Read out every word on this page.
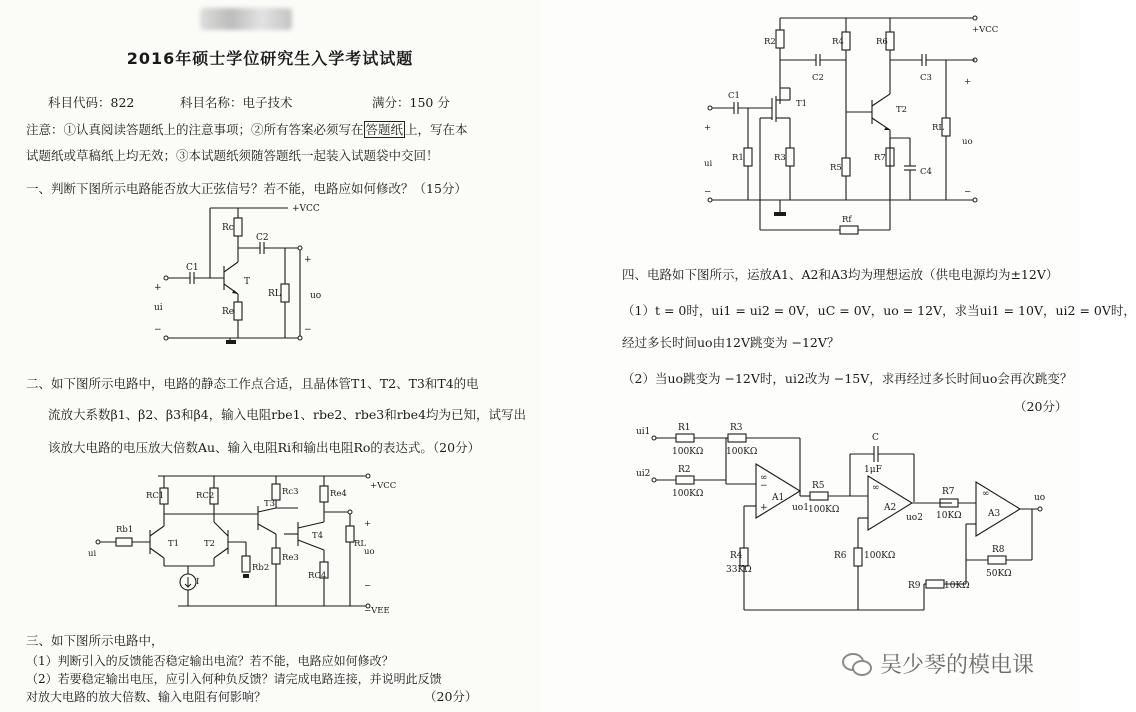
2016年硕士学位研究生入学考试试题
科目代码：822	科目名称：电子技术	满分：150 分
注意：①认真阅读答题纸上的注意事项；②所有答案必须写在 答题纸 上，写在本
试题纸或草稿纸上均无效；③本试题纸须随答题纸一起装入试题袋中交回！
一、判断下图所示电路能否放大正弦信号？若不能，电路应如何修改？（15分）
+VCC
Rc
C1
C2
T
Re
RL
+
ui
−
+
uo
−
二、如下图所示电路中，电路的静态工作点合适，且晶体管T1、T2、T3和T4的电
流放大系数β1、β2、β3和β4，输入电阻rbe1、rbe2、rbe3和rbe4均为已知，试写出
该放大电路的电压放大倍数Au、输入电阻Ri和输出电阻Ro的表达式。（20分）
RC1	RC2	Rc3	Re4
+VCC
Rb1
ui
T1	T2
T3
T4
Rb2
Re3
RL
RC4
uo
+
−
I
−VEE
三、如下图所示电路中，
（1）判断引入的反馈能否稳定输出电流？若不能，电路应如何修改？
（2）若要稳定输出电压，应引入何种负反馈？请完成电路连接，并说明此反馈
对放大电路的放大倍数、输入电阻有何影响？	（20分）
+VCC
R2	R4	R6
C1
C2	C3
T1
T2
R1	R3
R5
R7
RL
C4
Rf
+
ui
−
+
uo
−
四、电路如下图所示，运放A1、A2和A3均为理想运放（供电电源均为±12V）
（1）t = 0时，ui1 = ui2 = 0V，uC = 0V，uo = 12V，求当ui1 = 10V，ui2 = 0V时，
经过多长时间uo由12V跳变为 −12V？
（2）当uo跳变为 −12V时，ui2改为 −15V，求再经过多长时间uo会再次跳变？
（20分）
ui1
ui2
R1
100KΩ
R3
100KΩ
R2
100KΩ
∞
−
+
A1
uo1
R4
33KΩ
R5
100KΩ
C
1μF
∞
A2
uo2
R6 100KΩ
R7
10KΩ
∞
A3
R8
50KΩ
R9	10KΩ
uo
吴少琴的模电课
